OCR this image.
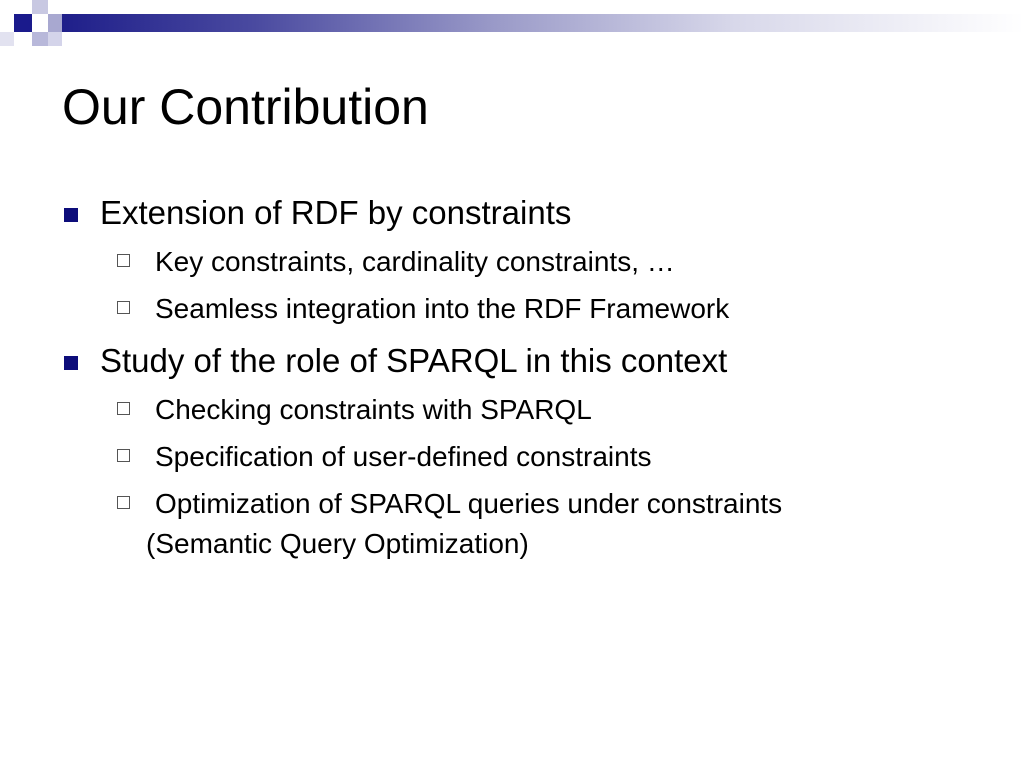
Our Contribution
Extension of RDF by constraints
Key constraints, cardinality constraints, …
Seamless integration into the RDF Framework
Study of the role of SPARQL in this context
Checking constraints with SPARQL
Specification of user-defined constraints
Optimization of SPARQL queries under constraints
(Semantic Query Optimization)
